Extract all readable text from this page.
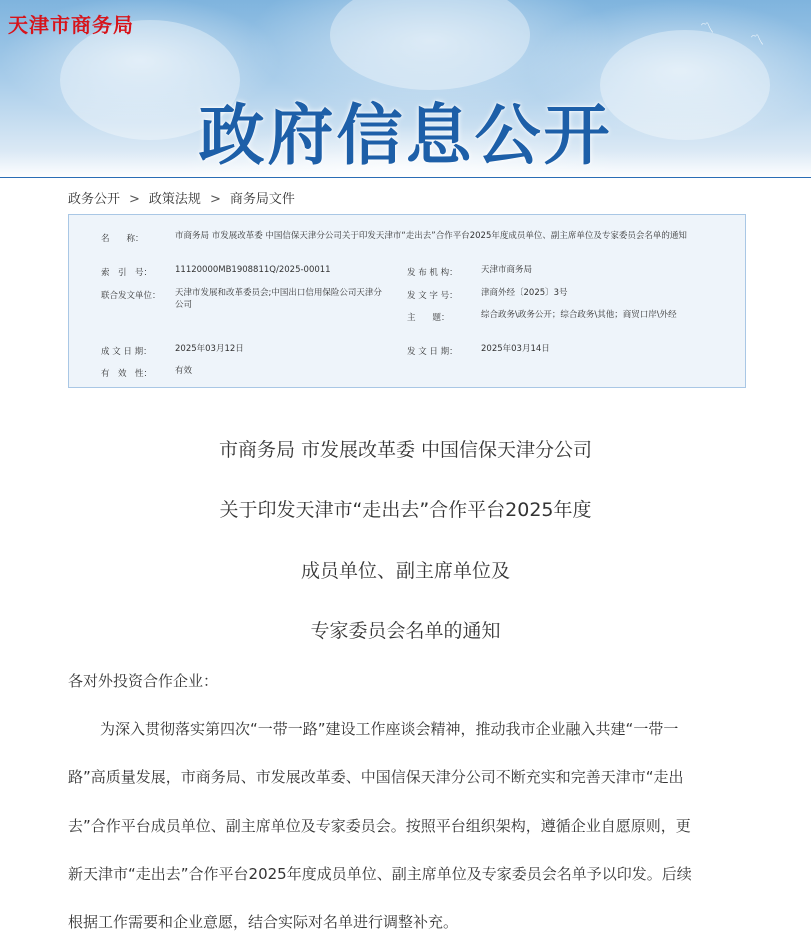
〽
〽
天津市商务局
政府信息公开
政务公开 > 政策法规 > 商务局文件
名　　称：	市商务局 市发展改革委 中国信保天津分公司关于印发天津市“走出去”合作平台2025年度成员单位、副主席单位及专家委员会名单的通知
索　引　号：	11120000MB1908811Q/2025-00011	发 布 机 构：	天津市商务局
联合发文单位： 天津市发展和改革委员会;中国出口信用保险公司天津分公司
发 文 字 号：	津商外经〔2025〕3号
主　　题：	综合政务\政务公开；综合政务\其他；商贸口岸\外经
成 文 日 期：	2025年03月12日	发 文 日 期：	2025年03月14日
有　效　性：	有效
市商务局 市发展改革委 中国信保天津分公司
关于印发天津市“走出去”合作平台2025年度
成员单位、副主席单位及
专家委员会名单的通知
各对外投资合作企业：
为深入贯彻落实第四次“一带一路”建设工作座谈会精神，推动我市企业融入共建“一带一
路”高质量发展，市商务局、市发展改革委、中国信保天津分公司不断充实和完善天津市“走出
去”合作平台成员单位、副主席单位及专家委员会。按照平台组织架构，遵循企业自愿原则，更
新天津市“走出去”合作平台2025年度成员单位、副主席单位及专家委员会名单予以印发。后续
根据工作需要和企业意愿，结合实际对名单进行调整补充。
